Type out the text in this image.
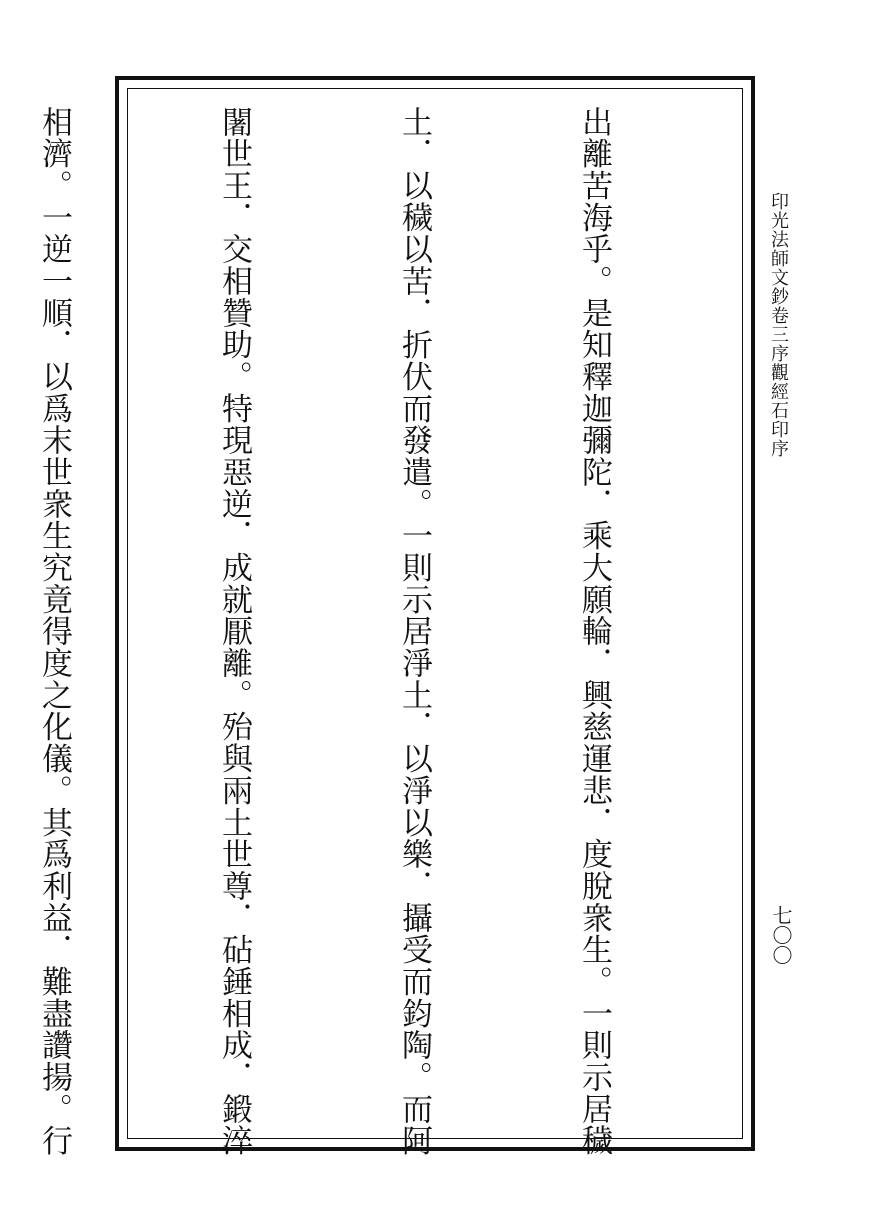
出離苦海乎。是知釋迦彌陀．乘大願輪．興慈運悲．度脫衆生。一則示居穢

土．以穢以苦．折伏而發遣。一則示居淨土．以淨以樂．攝受而鈞陶。而阿

闍世王．交相贊助。特現惡逆．成就厭離。殆與兩土世尊．砧錘相成．鍛淬

相濟。一逆一順．以爲末世衆生究竟得度之化儀。其爲利益．難盡讚揚。行

	印光法師文鈔卷三序觀經石印序
七〇〇
